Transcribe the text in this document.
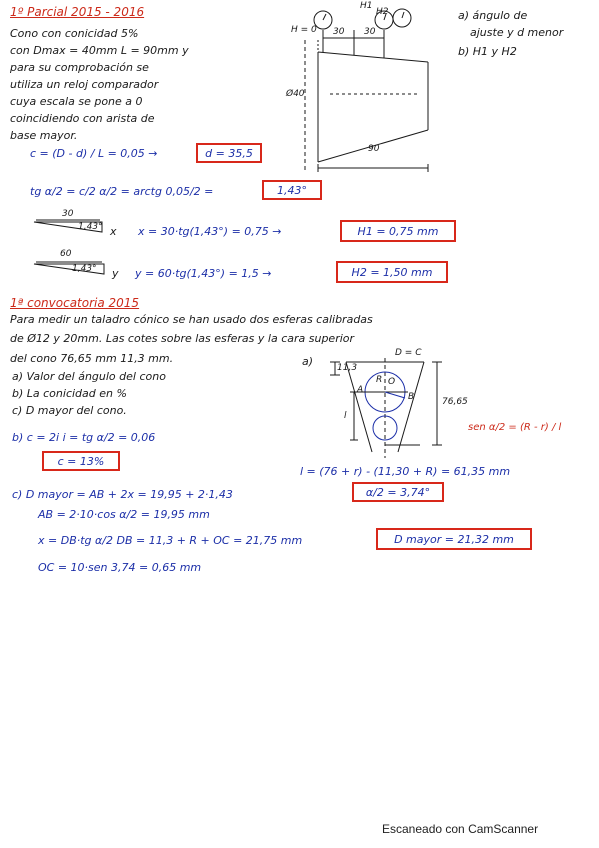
1º Parcial 2015 - 2016
Cono con conicidad 5%
con Dmax = 40mm L = 90mm y
para su comprobación se
utiliza un reloj comparador
cuya escala se pone a 0
coincidiendo con arista de
base mayor.
a) ángulo de
ajuste y d menor
b) H1 y H2
H = 0
H1
H2
30 30
Ø40
90
c = (D - d) / L = 0,05 →	d = 35,5
tg α/2 = c/2 α/2 = arctg 0,05/2 =	1,43°
30
1,43° x x = 30·tg(1,43°) = 0,75 →	H1 = 0,75 mm
60
1,43° y y = 60·tg(1,43°) = 1,5 →	H2 = 1,50 mm
1ª convocatoria 2015
Para medir un taladro cónico se han usado dos esferas calibradas
de Ø12 y 20mm. Las cotes sobre las esferas y la cara superior
del cono 76,65 mm 11,3 mm.
a) Valor del ángulo del cono
b) La conicidad en %
c) D mayor del cono.
a)
D = C
76,65
11,3
A
B
R O
l
sen α/2 = (R - r) / l
b) c = 2i i = tg α/2 = 0,06
c = 13%
l = (76 + r) - (11,30 + R) = 61,35 mm
α/2 = 3,74°
c) D mayor = AB + 2x = 19,95 + 2·1,43
AB = 2·10·cos α/2 = 19,95 mm
x = DB·tg α/2 DB = 11,3 + R + OC = 21,75 mm	D mayor = 21,32 mm
OC = 10·sen 3,74 = 0,65 mm
Escaneado con CamScanner
